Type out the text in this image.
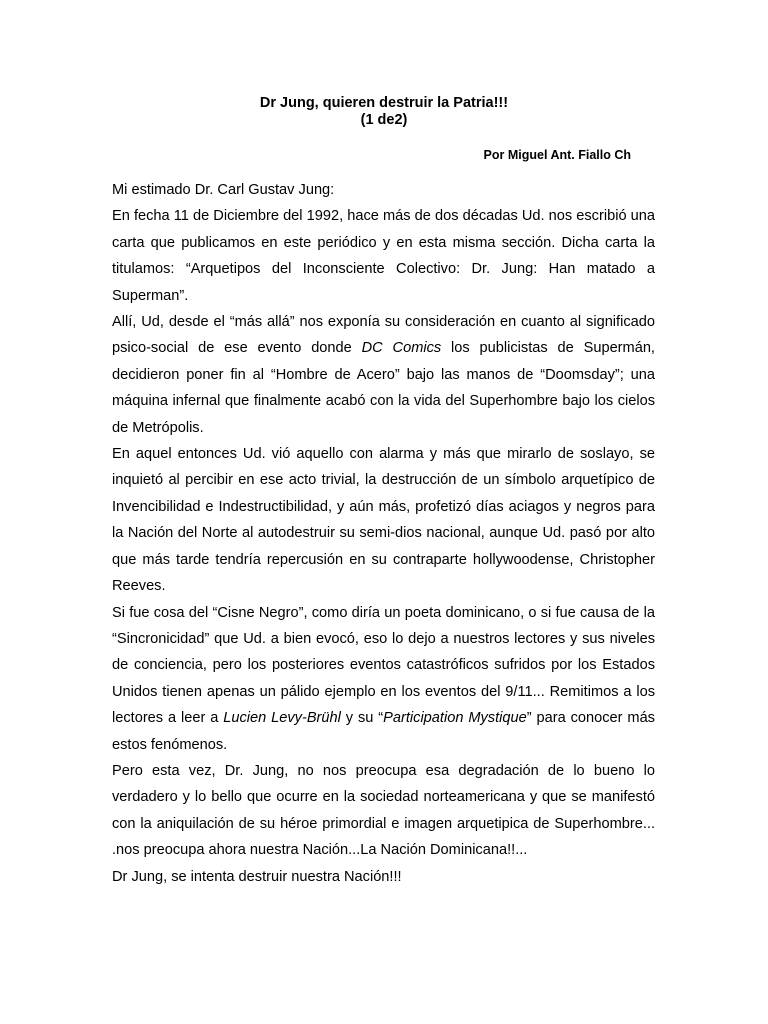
Dr Jung, quieren destruir la Patria!!!
(1 de2)
Por Miguel Ant. Fiallo Ch

Mi estimado Dr. Carl Gustav Jung:

En fecha 11 de Diciembre del 1992, hace más de dos décadas Ud. nos escribió una carta que publicamos en este periódico y en esta misma sección. Dicha carta la titulamos: “Arquetipos del Inconsciente Colectivo: Dr. Jung: Han matado a Superman”.

Allí, Ud, desde el “más allá” nos exponía su consideración en cuanto al significado psico-social de ese evento donde DC Comics los publicistas de Supermán, decidieron poner fin al “Hombre de Acero” bajo las manos de “Doomsday”; una máquina infernal que finalmente acabó con la vida del Superhombre bajo los cielos de Metrópolis.

En aquel entonces Ud. vió aquello con alarma y más que mirarlo de soslayo, se inquietó al percibir en ese acto trivial, la destrucción de un símbolo arquetípico de Invencibilidad e Indestructibilidad, y aún más, profetizó días aciagos y negros para la Nación del Norte al autodestruir su semi-dios nacional, aunque Ud. pasó por alto que más tarde tendría repercusión en su contraparte hollywoodense, Christopher Reeves.

Si fue cosa del “Cisne Negro”, como diría un poeta dominicano, o si fue causa de la “Sincronicidad” que Ud. a bien evocó, eso lo dejo a nuestros lectores y sus niveles de conciencia, pero los posteriores eventos catastróficos sufridos por los Estados Unidos tienen apenas un pálido ejemplo en los eventos del 9/11... Remitimos a los lectores a leer a Lucien Levy-Brühl y su “Participation Mystique” para conocer más estos fenómenos.

Pero esta vez, Dr. Jung, no nos preocupa esa degradación de lo bueno lo verdadero y lo bello que ocurre en la sociedad norteamericana y que se manifestó con la aniquilación de su héroe primordial e imagen arquetipica de Superhombre... .nos preocupa ahora nuestra Nación...La Nación Dominicana!!...

Dr Jung, se intenta destruir nuestra Nación!!!
